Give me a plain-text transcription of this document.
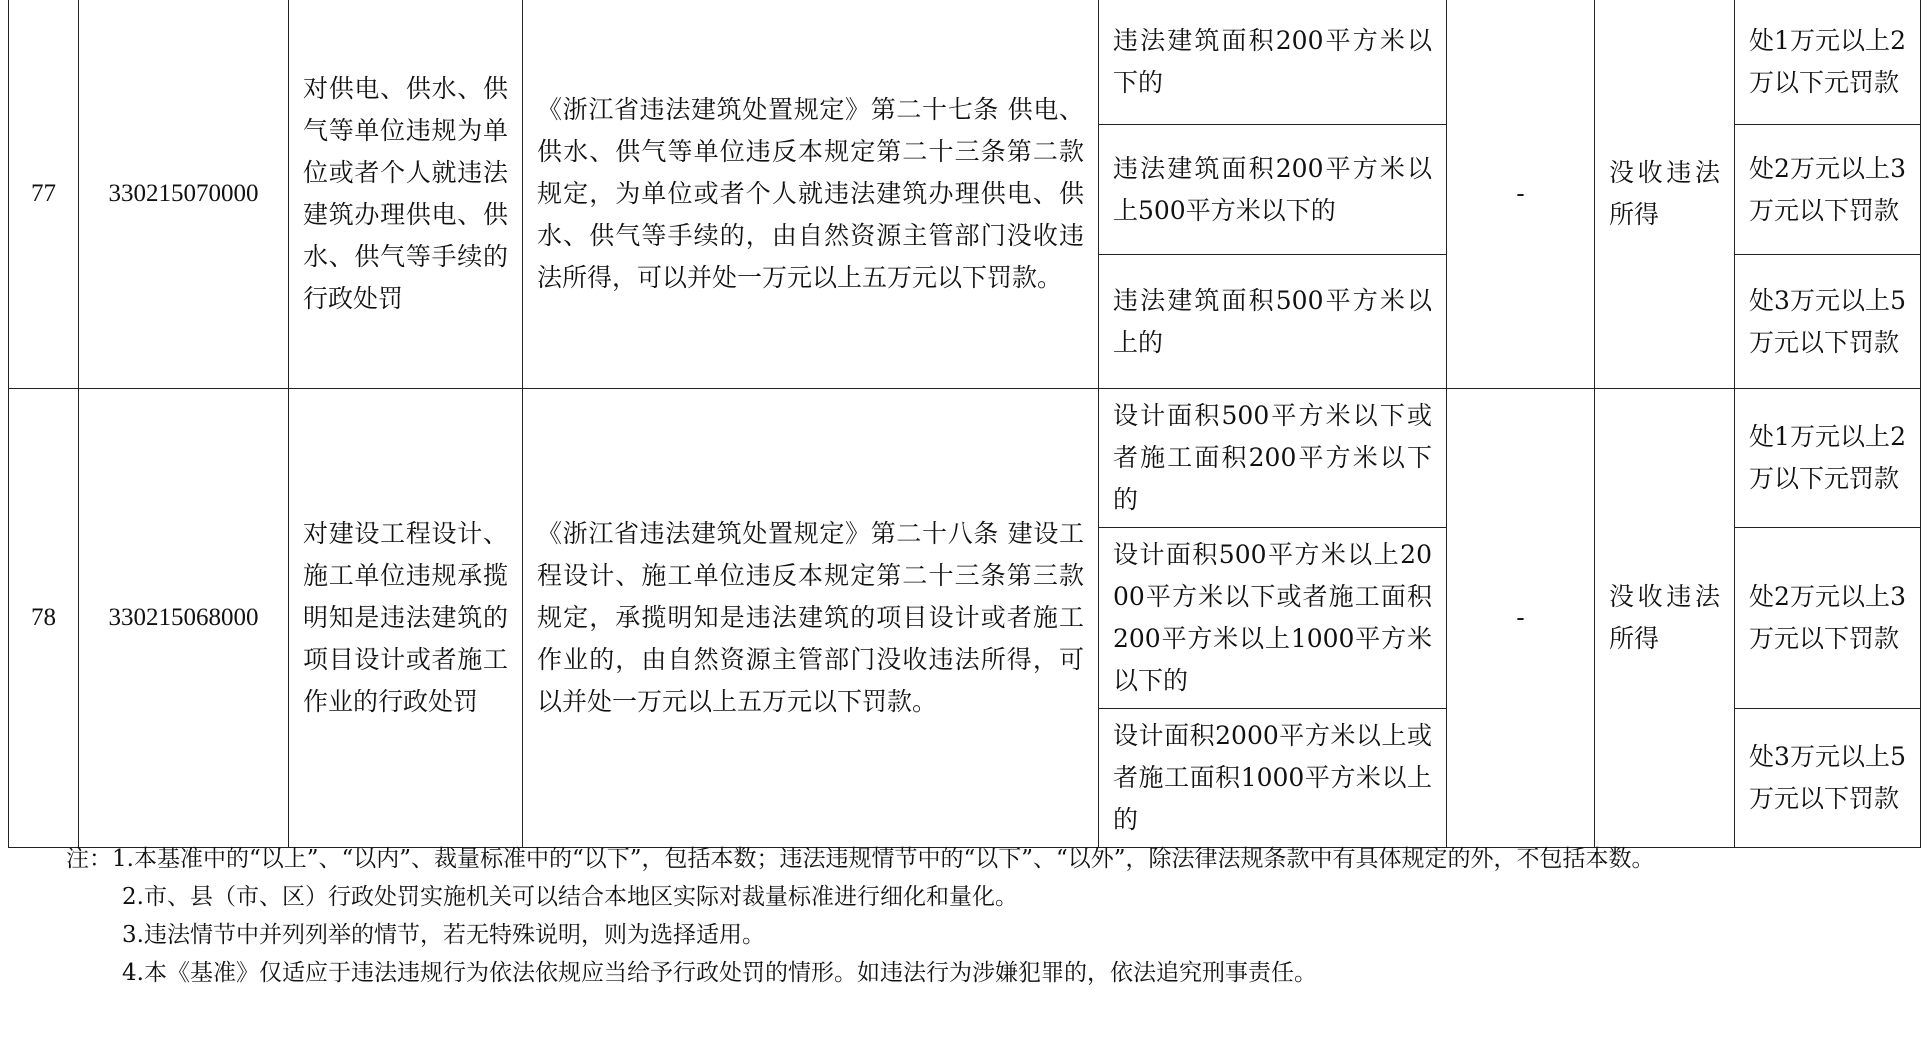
77	330215070000	对供电、供水、供气等单位违规为单位或者个人就违法建筑办理供电、供水、供气等手续的行政处罚	《浙江省违法建筑处置规定》第二十七条 供电、供水、供气等单位违反本规定第二十三条第二款规定，为单位或者个人就违法建筑办理供电、供水、供气等手续的，由自然资源主管部门没收违法所得，可以并处一万元以上五万元以下罚款。	违法建筑面积200平方米以下的	-	没收违法所得	处1万元以上2万以下元罚款
				违法建筑面积200平方米以上500平方米以下的			处2万元以上3万元以下罚款
				违法建筑面积500平方米以上的			处3万元以上5万元以下罚款
78	330215068000	对建设工程设计、施工单位违规承揽明知是违法建筑的项目设计或者施工作业的行政处罚	《浙江省违法建筑处置规定》第二十八条 建设工程设计、施工单位违反本规定第二十三条第三款规定，承揽明知是违法建筑的项目设计或者施工作业的，由自然资源主管部门没收违法所得，可以并处一万元以上五万元以下罚款。	设计面积500平方米以下或者施工面积200平方米以下的	-	没收违法所得	处1万元以上2万以下元罚款
				设计面积500平方米以上2000平方米以下或者施工面积200平方米以上1000平方米以下的			处2万元以上3万元以下罚款
				设计面积2000平方米以上或者施工面积1000平方米以上的			处3万元以上5万元以下罚款

注：1.本基准中的“以上”、“以内”、裁量标准中的“以下”，包括本数；违法违规情节中的“以下”、“以外”，除法律法规条款中有具体规定的外，不包括本数。

2.市、县（市、区）行政处罚实施机关可以结合本地区实际对裁量标准进行细化和量化。

3.违法情节中并列列举的情节，若无特殊说明，则为选择适用。

4.本《基准》仅适应于违法违规行为依法依规应当给予行政处罚的情形。如违法行为涉嫌犯罪的，依法追究刑事责任。
